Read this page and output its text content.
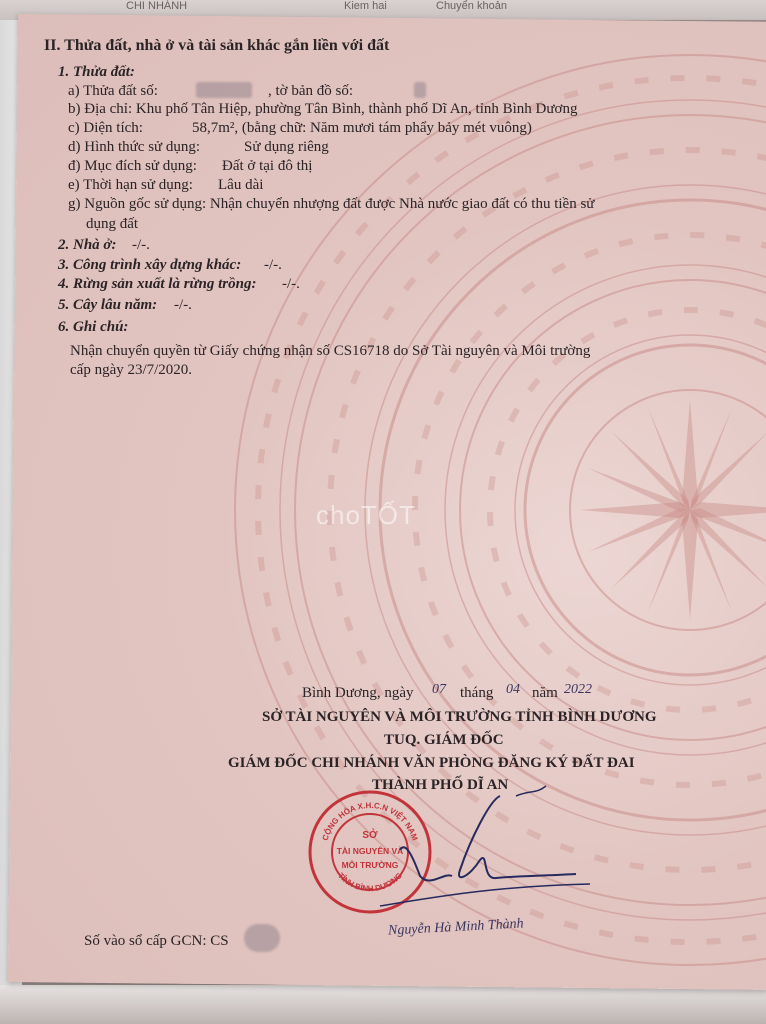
CHI NHÁNH	Kiem hai	Chuyển khoản
choTỐT
II. Thửa đất, nhà ở và tài sản khác gắn liền với đất
1. Thửa đất:
a) Thửa đất số:	, tờ bản đồ số:
b) Địa chỉ: Khu phố Tân Hiệp, phường Tân Bình, thành phố Dĩ An, tỉnh Bình Dương
c) Diện tích:	58,7m², (bằng chữ: Năm mươi tám phẩy bảy mét vuông)
d) Hình thức sử dụng:	Sử dụng riêng
đ) Mục đích sử dụng: Đất ở tại đô thị
e) Thời hạn sử dụng: Lâu dài
g) Nguồn gốc sử dụng: Nhận chuyển nhượng đất được Nhà nước giao đất có thu tiền sử
dụng đất
2. Nhà ở: -/-.
3. Công trình xây dựng khác: -/-.
4. Rừng sản xuất là rừng trồng: -/-.
5. Cây lâu năm: -/-.
6. Ghi chú:
Nhận chuyển quyền từ Giấy chứng nhận số CS16718 do Sở Tài nguyên và Môi trường
cấp ngày 23/7/2020.
Bình Dương, ngày 07 tháng 04 năm 2022
SỞ TÀI NGUYÊN VÀ MÔI TRƯỜNG TỈNH BÌNH DƯƠNG
TUQ. GIÁM ĐỐC
GIÁM ĐỐC CHI NHÁNH VĂN PHÒNG ĐĂNG KÝ ĐẤT ĐAI
THÀNH PHỐ DĨ AN
CỘNG HÒA X.H.C.N VIỆT NAM
TỈNH BÌNH DƯƠNG
SỞ
TÀI NGUYÊN VÀ
MÔI TRƯỜNG
Nguyễn Hà Minh Thành
Số vào sổ cấp GCN: CS
